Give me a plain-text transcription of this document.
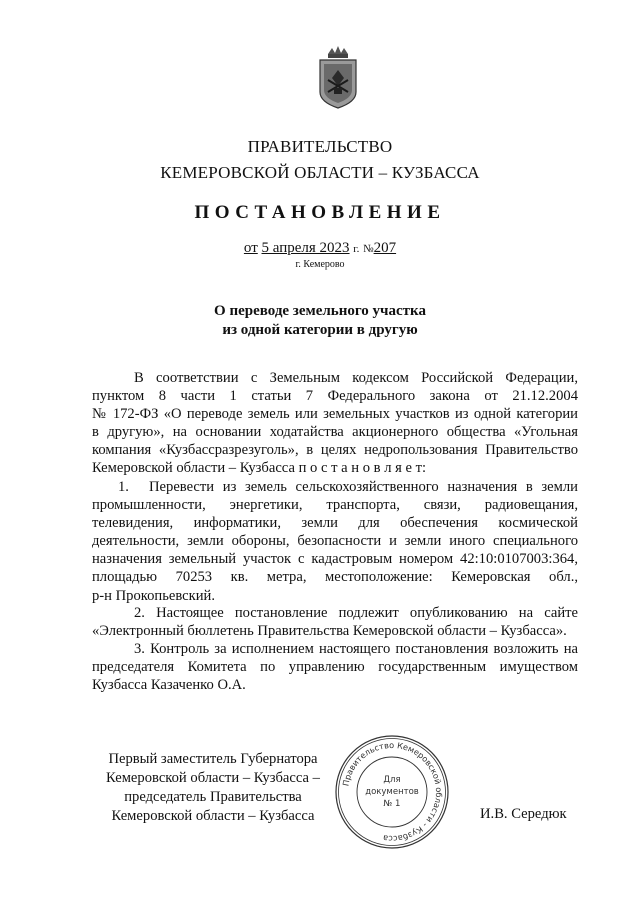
ПРАВИТЕЛЬСТВО
КЕМЕРОВСКОЙ ОБЛАСТИ – КУЗБАССА
ПОСТАНОВЛЕНИЕ
от 5 апреля 2023 г. №207
г. Кемерово
О переводе земельного участка
из одной категории в другую
В соответствии с Земельным кодексом Российской Федерации,
пунктом 8 части 1 статьи 7 Федерального закона от 21.12.2004
№ 172-ФЗ «О переводе земель или земельных участков из одной категории
в другую», на основании ходатайства акционерного общества «Угольная
компания «Кузбассразрезуголь», в целях недропользования Правительство
Кемеровской области – Кузбасса п о с т а н о в л я е т:
1.	Перевести из земель сельскохозяйственного назначения в земли
промышленности, энергетики, транспорта, связи, радиовещания,
телевидения, информатики, земли для обеспечения космической
деятельности, земли обороны, безопасности и земли иного специального
назначения земельный участок с кадастровым номером 42:10:0107003:364,
площадью 70253 кв. метра, местоположение: Кемеровская обл.,
р-н Прокопьевский.
2. Настоящее постановление подлежит опубликованию на сайте
«Электронный бюллетень Правительства Кемеровской области – Кузбасса».
3. Контроль за исполнением настоящего постановления возложить на
председателя Комитета по управлению государственным имуществом
Кузбасса Казаченко О.А.
Первый заместитель Губернатора
Кемеровской области – Кузбасса –
председатель Правительства
Кемеровской области – Кузбасса	И.В. Середюк
Правительство Кемеровской области - Кузбасса
Для
документов
№ 1
